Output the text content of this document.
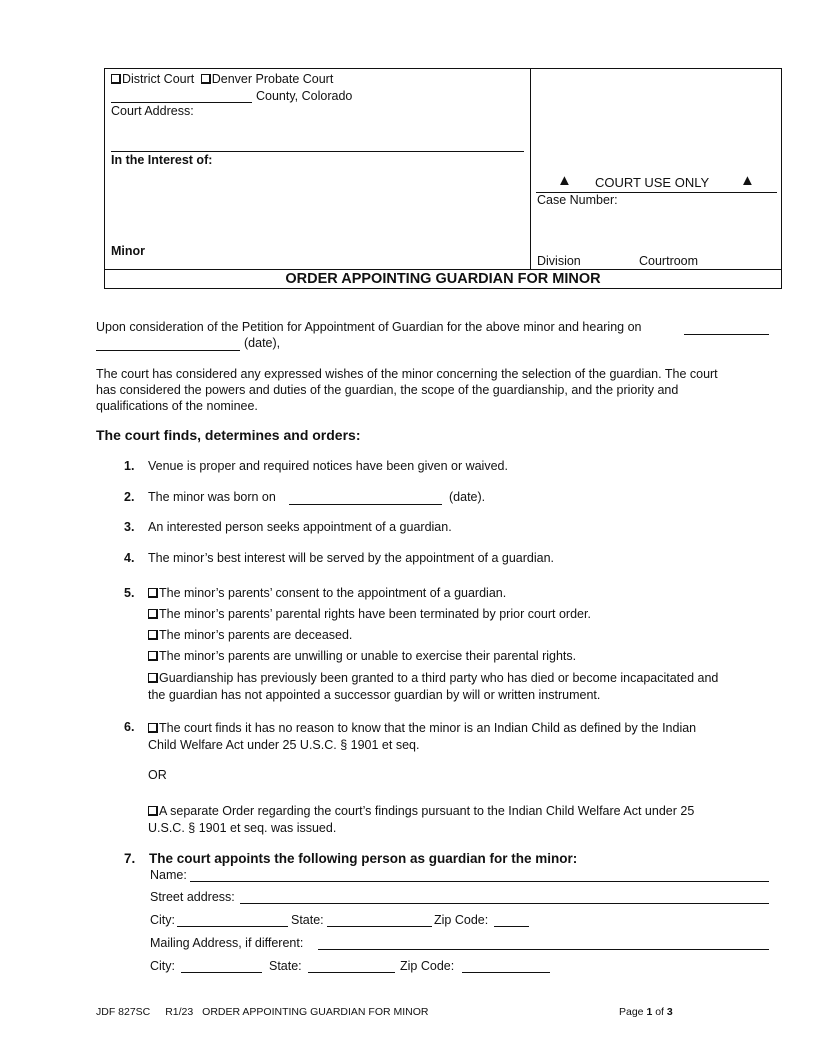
District Court Denver Probate Court
County, Colorado
Court Address:
In the Interest of:
Minor
▲ COURT USE ONLY ▲
Case Number:
Division	Courtroom
ORDER APPOINTING GUARDIAN FOR MINOR
Upon consideration of the Petition for Appointment of Guardian for the above minor and hearing on
(date),
The court has considered any expressed wishes of the minor concerning the selection of the guardian. The court
has considered the powers and duties of the guardian, the scope of the guardianship, and the priority and
qualifications of the nominee.
The court finds, determines and orders:
1. Venue is proper and required notices have been given or waived.
2. The minor was born on	(date).
3. An interested person seeks appointment of a guardian.
4. The minor’s best interest will be served by the appointment of a guardian.
5.	The minor’s parents’ consent to the appointment of a guardian.
The minor’s parents’ parental rights have been terminated by prior court order.
The minor’s parents are deceased.
The minor’s parents are unwilling or unable to exercise their parental rights.
Guardianship has previously been granted to a third party who has died or become incapacitated and
the guardian has not appointed a successor guardian by will or written instrument.
6.	The court finds it has no reason to know that the minor is an Indian Child as defined by the Indian
Child Welfare Act under 25 U.S.C. § 1901 et seq.
OR
A separate Order regarding the court’s findings pursuant to the Indian Child Welfare Act under 25
U.S.C. § 1901 et seq. was issued.
7. The court appoints the following person as guardian for the minor:
Name:
Street address:
City:	State:	Zip Code:
Mailing Address, if different:
City:	State:	Zip Code:
JDF 827SC R1/23 ORDER APPOINTING GUARDIAN FOR MINOR	Page 1 of 3
